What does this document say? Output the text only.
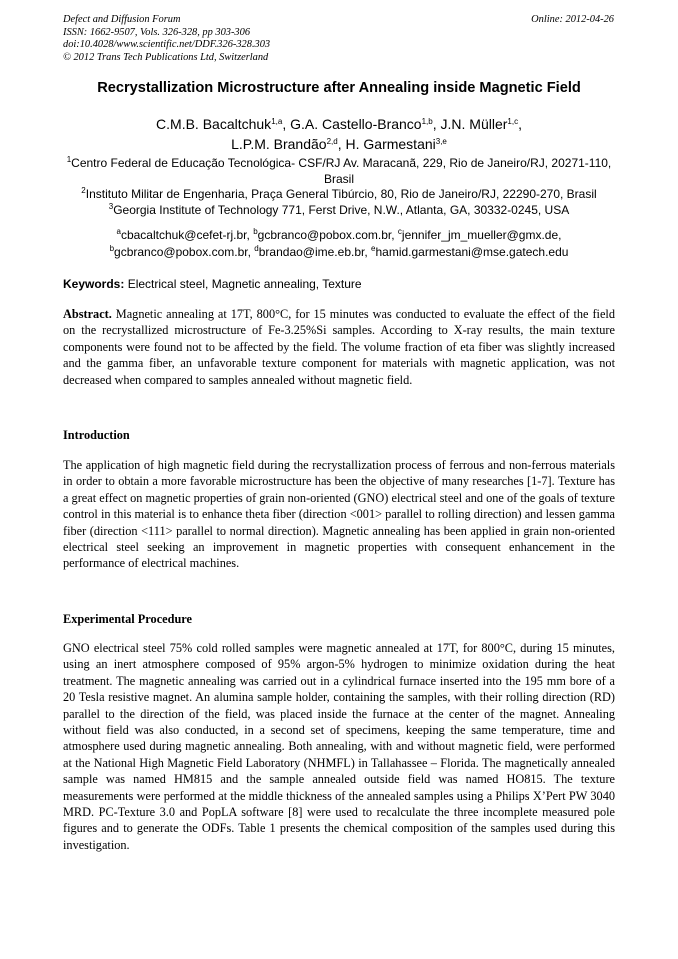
Defect and Diffusion Forum
ISSN: 1662-9507, Vols. 326-328, pp 303-306
doi:10.4028/www.scientific.net/DDF.326-328.303
© 2012 Trans Tech Publications Ltd, Switzerland
Online: 2012-04-26
Recrystallization Microstructure after Annealing inside Magnetic Field
C.M.B. Bacaltchuk$^{1,a}$, G.A. Castello-Branco$^{1,b}$, J.N. Müller$^{1,c}$,
L.P.M. Brandão$^{2,d}$, H. Garmestani$^{3,e}$
$^1$Centro Federal de Educação Tecnológica- CSF/RJ Av. Maracanã, 229, Rio de Janeiro/RJ, 20271-110, Brasil
$^2$Instituto Militar de Engenharia, Praça General Tibúrcio, 80, Rio de Janeiro/RJ, 22290-270, Brasil
$^3$Georgia Institute of Technology 771, Ferst Drive, N.W., Atlanta, GA, 30332-0245, USA
$^a$cbacaltchuk@cefet-rj.br, $^b$gcbranco@pobox.com.br, $^c$jennifer_jm_mueller@gmx.de,
$^b$gcbranco@pobox.com.br, $^d$brandao@ime.eb.br, $^e$hamid.garmestani@mse.gatech.edu
Keywords: Electrical steel, Magnetic annealing, Texture

Abstract. Magnetic annealing at 17T, 800°C, for 15 minutes was conducted to evaluate the effect of the field on the recrystallized microstructure of Fe-3.25%Si samples. According to X-ray results, the main texture components were found not to be affected by the field. The volume fraction of eta fiber was slightly increased and the gamma fiber, an unfavorable texture component for materials with magnetic application, was not decreased when compared to samples annealed without magnetic field.

Introduction

The application of high magnetic field during the recrystallization process of ferrous and non-ferrous materials in order to obtain a more favorable microstructure has been the objective of many researches [1-7]. Texture has a great effect on magnetic properties of grain non-oriented (GNO) electrical steel and one of the goals of texture control in this material is to enhance theta fiber (direction <001> parallel to rolling direction) and lessen gamma fiber (direction <111> parallel to normal direction). Magnetic annealing has been applied in grain non-oriented electrical steel seeking an improvement in magnetic properties with consequent enhancement in the performance of electrical machines.

Experimental Procedure

GNO electrical steel 75% cold rolled samples were magnetic annealed at 17T, for 800°C, during 15 minutes, using an inert atmosphere composed of 95% argon-5% hydrogen to minimize oxidation during the heat treatment. The magnetic annealing was carried out in a cylindrical furnace inserted into the 195 mm bore of a 20 Tesla resistive magnet. An alumina sample holder, containing the samples, with their rolling direction (RD) parallel to the direction of the field, was placed inside the furnace at the center of the magnet. Annealing without field was also conducted, in a second set of specimens, keeping the same temperature, time and atmosphere used during magnetic annealing. Both annealing, with and without magnetic field, were performed at the National High Magnetic Field Laboratory (NHMFL) in Tallahassee – Florida. The magnetically annealed sample was named HM815 and the sample annealed outside field was named HO815. The texture measurements were performed at the middle thickness of the annealed samples using a Philips X’Pert PW 3040 MRD. PC-Texture 3.0 and PopLA software [8] were used to recalculate the three incomplete measured pole figures and to generate the ODFs. Table 1 presents the chemical composition of the samples used during this investigation.
